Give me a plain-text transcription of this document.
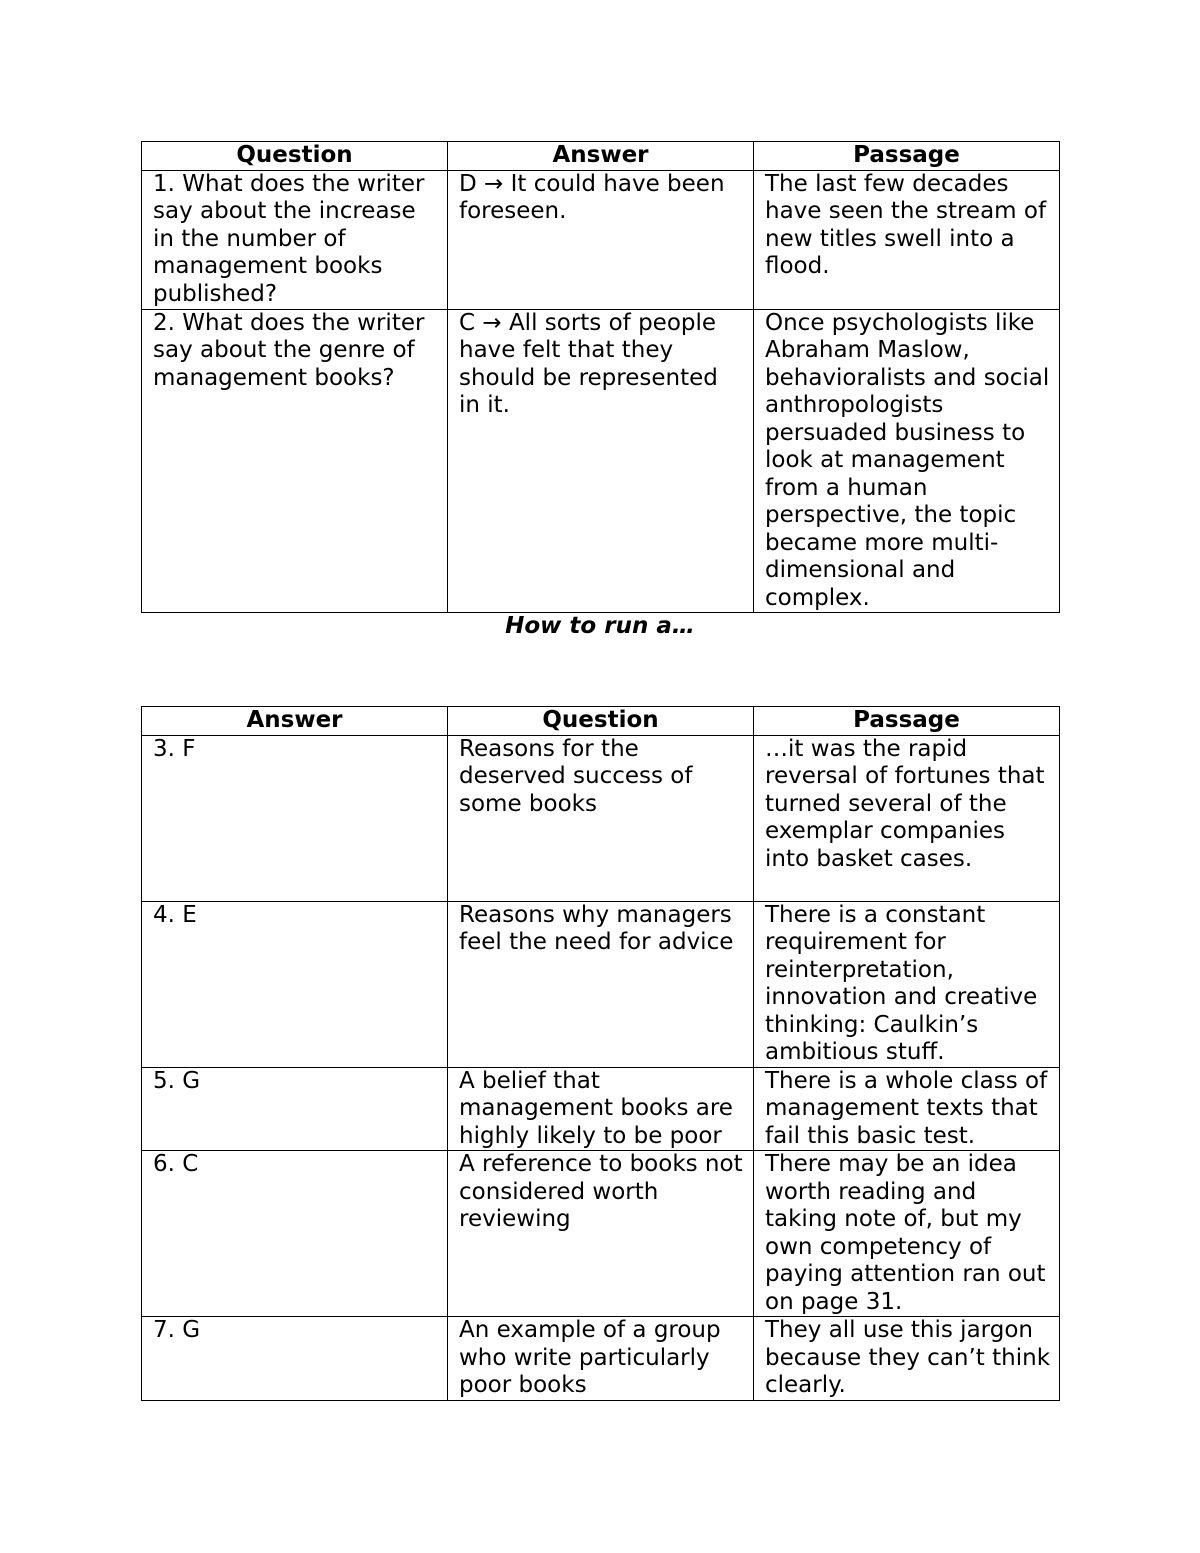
Question	Answer	Passage
1. What does the writer say about the increase in the number of management books published?	D → It could have been foreseen.	The last few decades have seen the stream of new titles swell into a flood.
2. What does the writer say about the genre of management books?	C → All sorts of people have felt that they should be represented in it.	Once psychologists like Abraham Maslow, behavioralists and social anthropologists persuaded business to look at management from a human perspective, the topic became more multi-dimensional and complex.
How to run a…
Answer	Question	Passage
3. F	Reasons for the deserved success of some books	…it was the rapid reversal of fortunes that turned several of the exemplar companies into basket cases.
4. E	Reasons why managers feel the need for advice	There is a constant requirement for reinterpretation, innovation and creative thinking: Caulkin’s ambitious stuff.
5. G	A belief that management books are highly likely to be poor	There is a whole class of management texts that fail this basic test.
6. C	A reference to books not considered worth reviewing	There may be an idea worth reading and taking note of, but my own competency of paying attention ran out on page 31.
7. G	An example of a group who write particularly poor books	They all use this jargon because they can’t think clearly.
